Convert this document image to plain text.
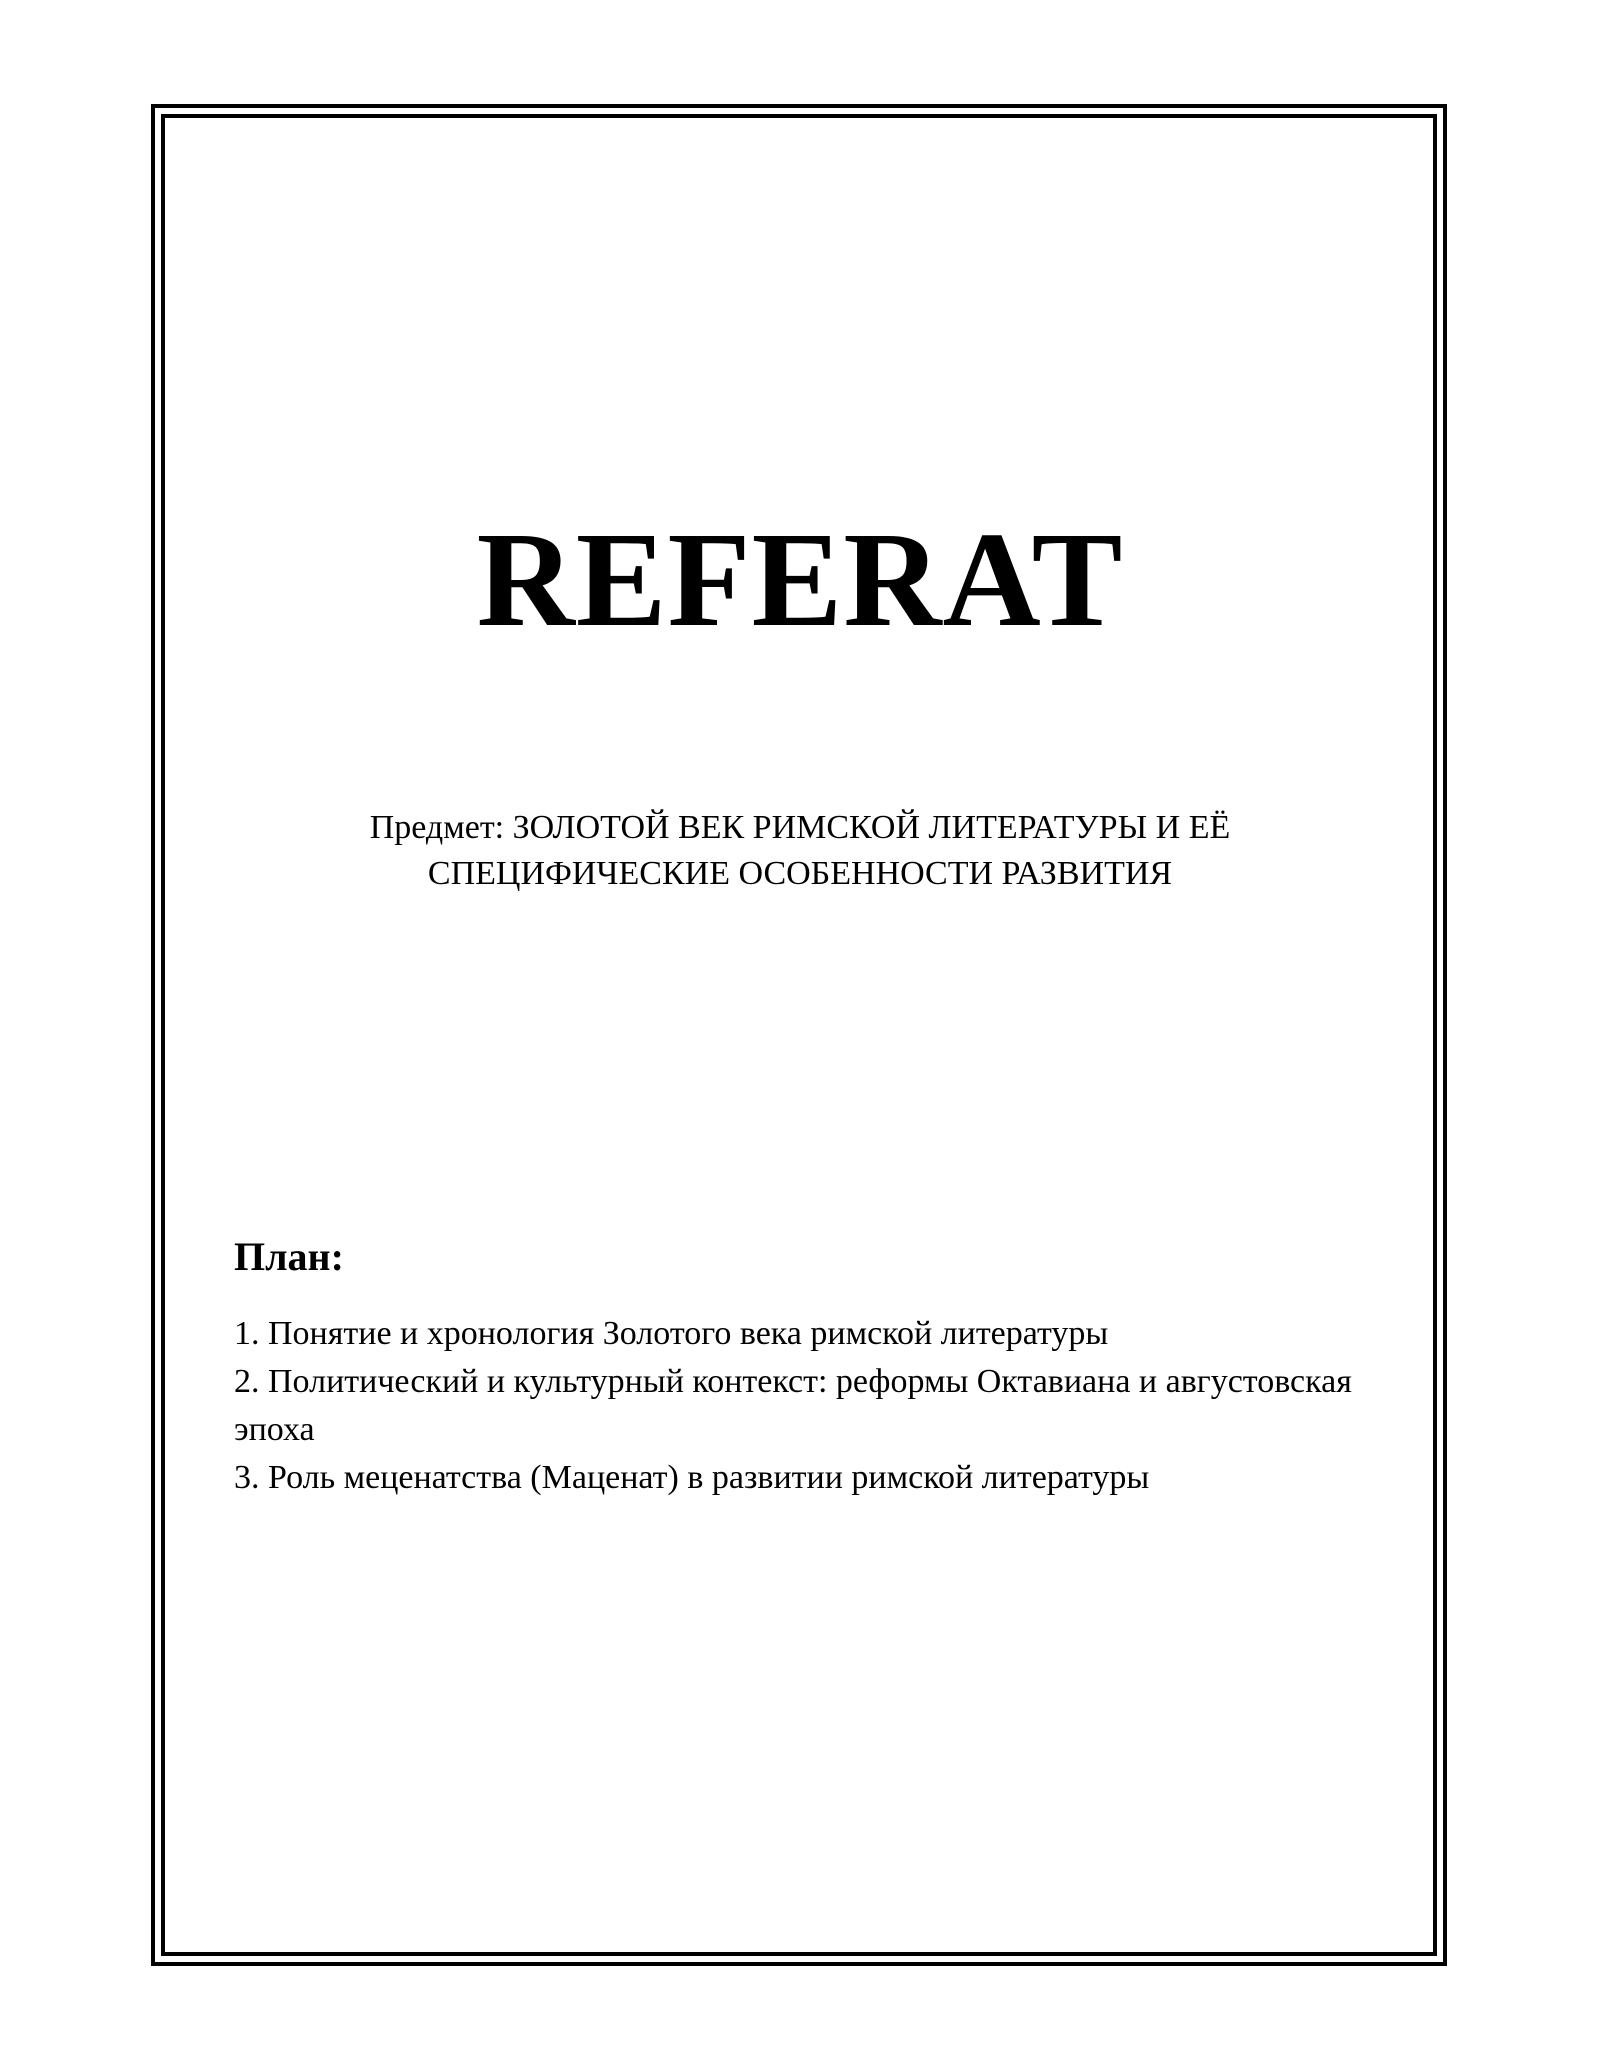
REFERAT
Предмет: ЗОЛОТОЙ ВЕК РИМСКОЙ ЛИТЕРАТУРЫ И ЕЁ
СПЕЦИФИЧЕСКИЕ ОСОБЕННОСТИ РАЗВИТИЯ
План:
1. Понятие и хронология Золотого века римской литературы
2. Политический и культурный контекст: реформы Октавиана и августовская эпоха
3. Роль меценатства (Маценат) в развитии римской литературы
